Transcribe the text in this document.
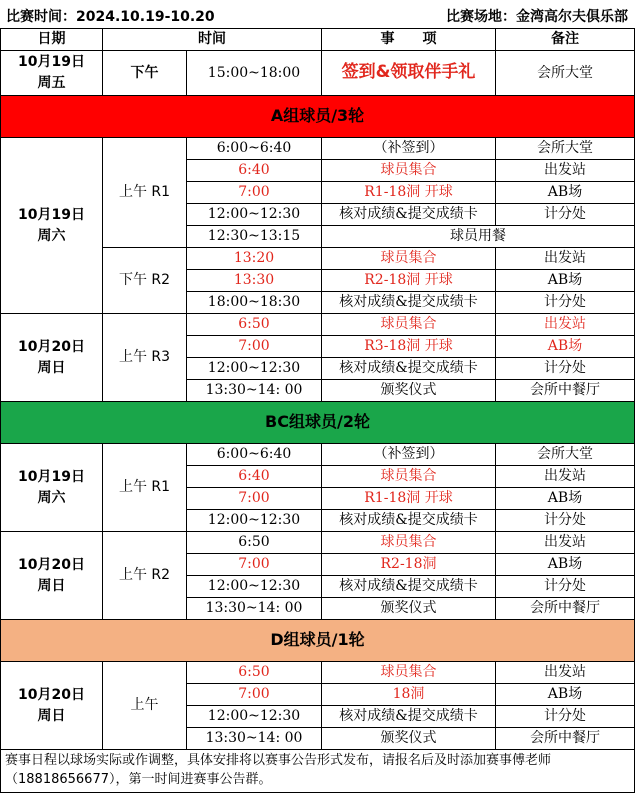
比赛时间：2024.10.19-10.20	比赛场地：金湾高尔夫俱乐部
日期	时间		事　　项	备注

10月19日
周五	下午	15:00~18:00	签到&领取伴手礼	会所大堂
A组球员/3轮				

10月19日
周六	上午 R1	6:00~6:40	（补签到）	会所大堂
		6:40	球员集合	出发站
		7:00	R1-18洞 开球	AB场
		12:00~12:30	核对成绩&提交成绩卡	计分处
		12:30~13:15	球员用餐	
	下午 R2	13:20	球员集合	出发站
		13:30	R2-18洞 开球	AB场
		18:00~18:30	核对成绩&提交成绩卡	计分处

10月20日
周日	上午 R3	6:50	球员集合	出发站
		7:00	R3-18洞 开球	AB场
		12:00~12:30	核对成绩&提交成绩卡	计分处
		13:30~14: 00	颁奖仪式	会所中餐厅
BC组球员/2轮				

10月19日
周六	上午 R1	6:00~6:40	（补签到）	会所大堂
		6:40	球员集合	出发站
		7:00	R1-18洞 开球	AB场
		12:00~12:30	核对成绩&提交成绩卡	计分处

10月20日
周日	上午 R2	6:50	球员集合	出发站
		7:00	R2-18洞	AB场
		12:00~12:30	核对成绩&提交成绩卡	计分处
		13:30~14: 00	颁奖仪式	会所中餐厅
D组球员/1轮				

10月20日
周日	上午	6:50	球员集合	出发站
		7:00	18洞	AB场
		12:00~12:30	核对成绩&提交成绩卡	计分处
		13:30~14: 00	颁奖仪式	会所中餐厅
赛事日程以球场实际或作调整，具体安排将以赛事公告形式发布，请报名后及时添加赛事傅老师（18818656677），第一时间进赛事公告群。				
